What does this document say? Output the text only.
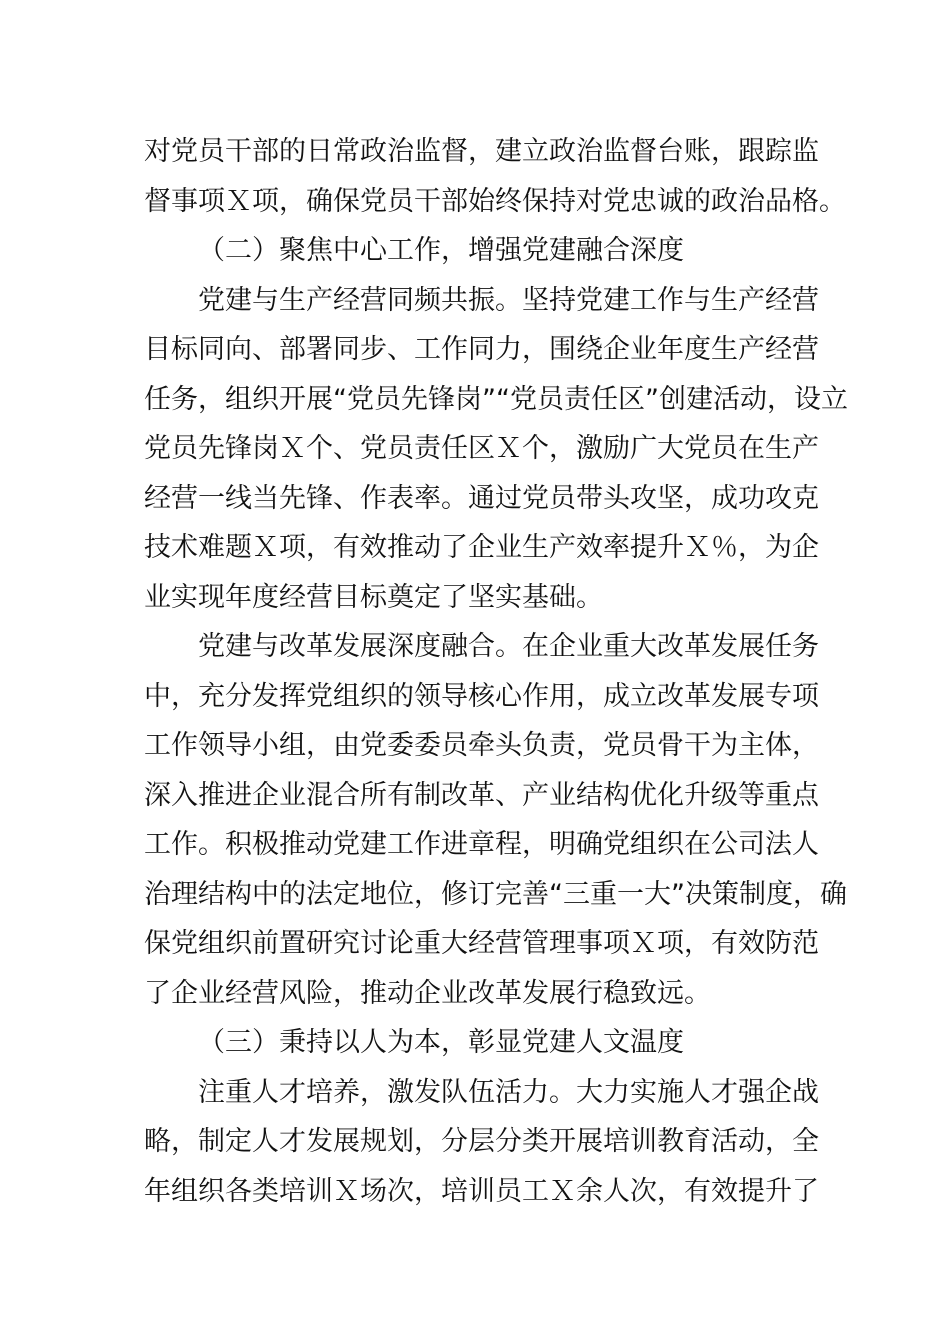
对党员干部的日常政治监督，建立政治监督台账，跟踪监
督事项Ｘ项，确保党员干部始终保持对党忠诚的政治品格。
（二）聚焦中心工作，增强党建融合深度
党建与生产经营同频共振。坚持党建工作与生产经营
目标同向、部署同步、工作同力，围绕企业年度生产经营
任务，组织开展“党员先锋岗”“党员责任区”创建活动，设立
党员先锋岗Ｘ个、党员责任区Ｘ个，激励广大党员在生产
经营一线当先锋、作表率。通过党员带头攻坚，成功攻克
技术难题Ｘ项，有效推动了企业生产效率提升Ｘ％，为企
业实现年度经营目标奠定了坚实基础。
党建与改革发展深度融合。在企业重大改革发展任务
中，充分发挥党组织的领导核心作用，成立改革发展专项
工作领导小组，由党委委员牵头负责，党员骨干为主体，
深入推进企业混合所有制改革、产业结构优化升级等重点
工作。积极推动党建工作进章程，明确党组织在公司法人
治理结构中的法定地位，修订完善“三重一大”决策制度，确
保党组织前置研究讨论重大经营管理事项Ｘ项，有效防范
了企业经营风险，推动企业改革发展行稳致远。
（三）秉持以人为本，彰显党建人文温度
注重人才培养，激发队伍活力。大力实施人才强企战
略，制定人才发展规划，分层分类开展培训教育活动，全
年组织各类培训Ｘ场次，培训员工Ｘ余人次，有效提升了
